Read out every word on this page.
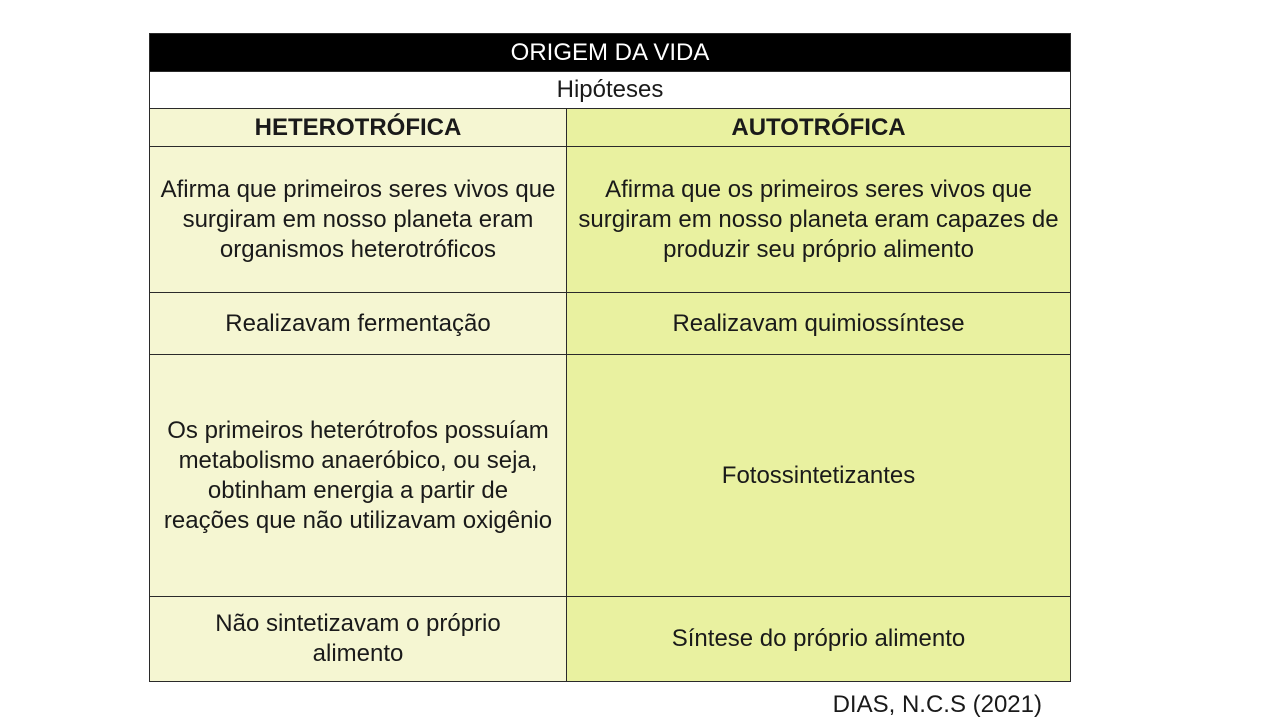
ORIGEM DA VIDA	
Hipóteses	
HETEROTRÓFICA	AUTOTRÓFICA

Afirma que primeiros seres vivos que surgiram em nosso planeta eram organismos heterotróficos	Afirma que os primeiros seres vivos que surgiram em nosso planeta eram capazes de produzir seu próprio alimento

Realizavam fermentação	Realizavam quimiossíntese

Os primeiros heterótrofos possuíam metabolismo anaeróbico, ou seja, obtinham energia a partir de reações que não utilizavam oxigênio	Fotossintetizantes

Não sintetizavam o próprio alimento	Síntese do próprio alimento
DIAS, N.C.S (2021)
